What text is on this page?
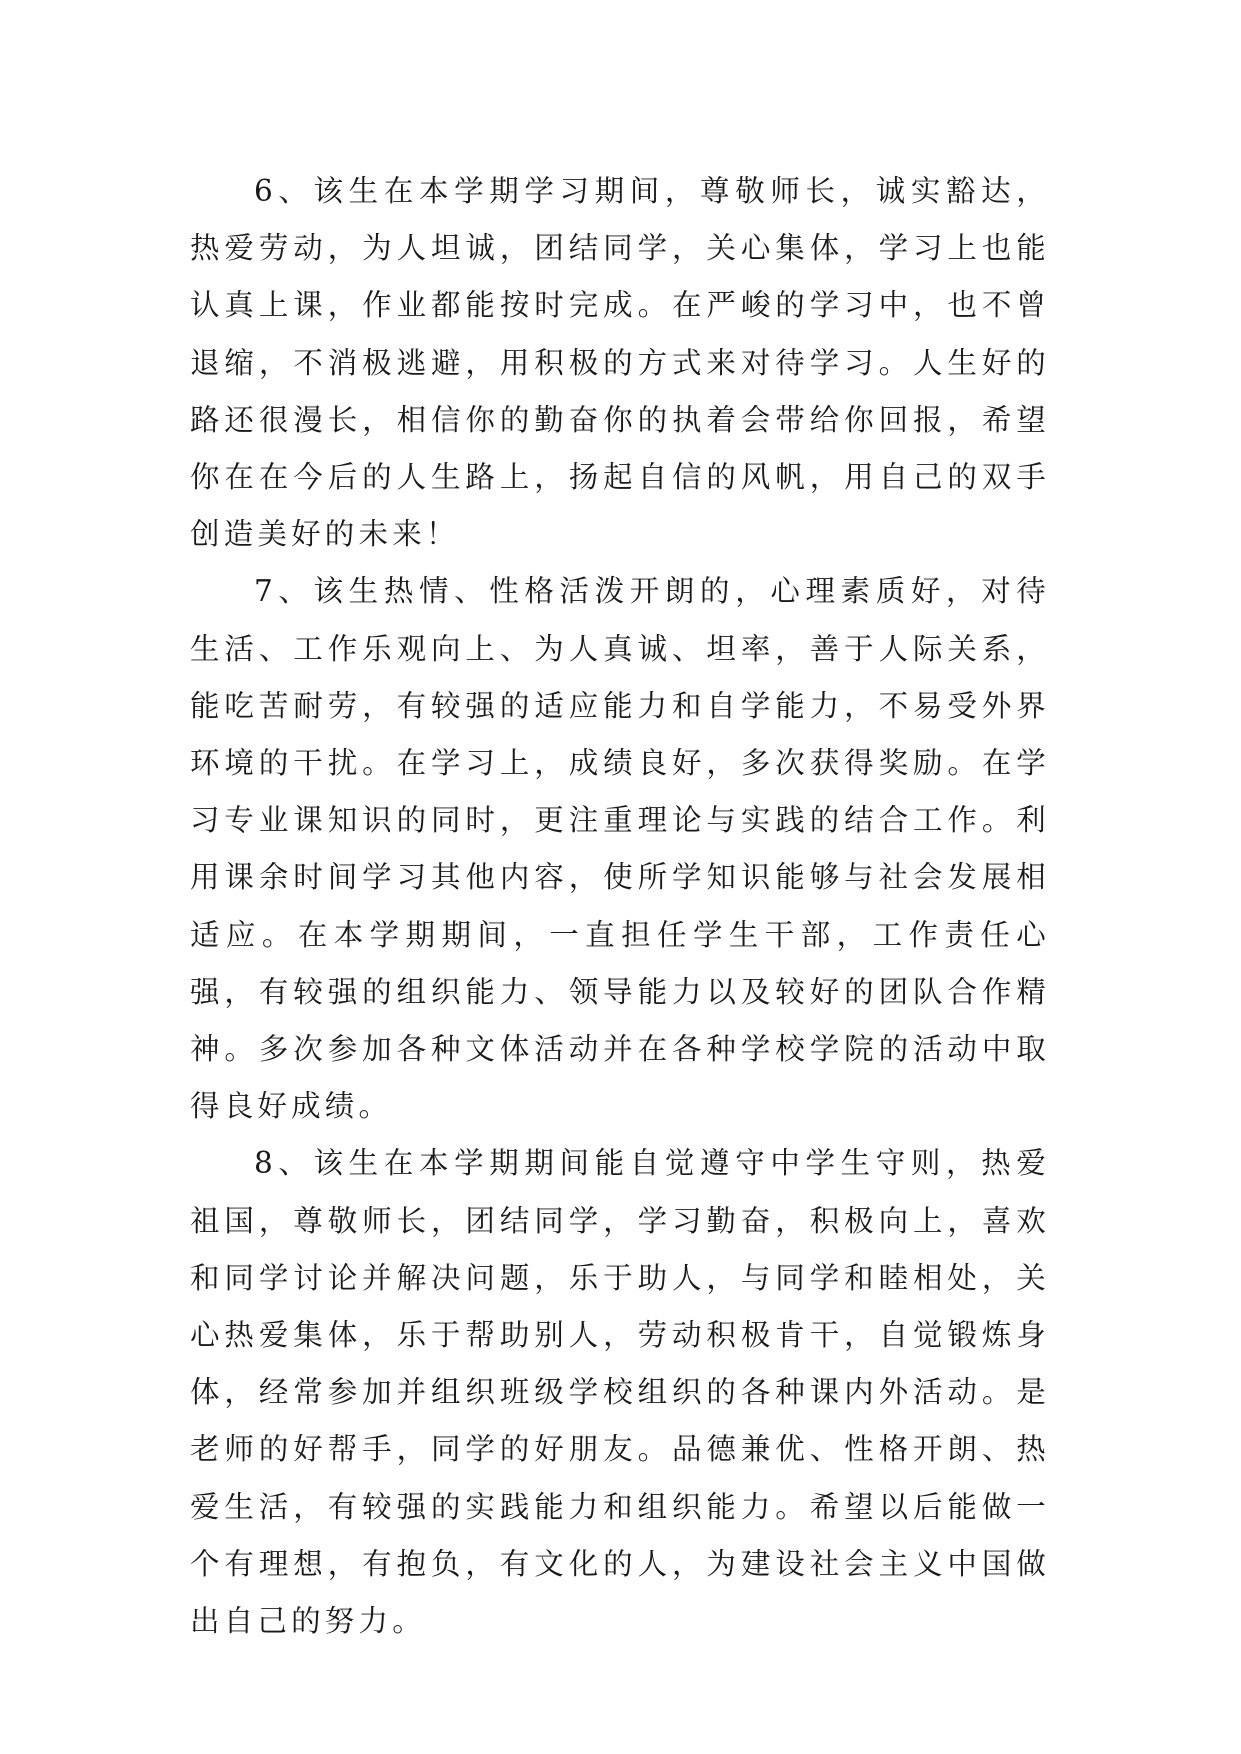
6、该生在本学期学习期间，尊敬师长，诚实豁达，热爱劳动，为人坦诚，团结同学，关心集体，学习上也能认真上课，作业都能按时完成。在严峻的学习中，也不曾退缩，不消极逃避，用积极的方式来对待学习。人生好的路还很漫长，相信你的勤奋你的执着会带给你回报，希望你在在今后的人生路上，扬起自信的风帆，用自己的双手创造美好的未来！

7、该生热情、性格活泼开朗的，心理素质好，对待生活、工作乐观向上、为人真诚、坦率，善于人际关系，能吃苦耐劳，有较强的适应能力和自学能力，不易受外界环境的干扰。在学习上，成绩良好，多次获得奖励。在学习专业课知识的同时，更注重理论与实践的结合工作。利用课余时间学习其他内容，使所学知识能够与社会发展相适应。在本学期期间，一直担任学生干部，工作责任心强，有较强的组织能力、领导能力以及较好的团队合作精神。多次参加各种文体活动并在各种学校学院的活动中取得良好成绩。

8、该生在本学期期间能自觉遵守中学生守则，热爱祖国，尊敬师长，团结同学，学习勤奋，积极向上，喜欢和同学讨论并解决问题，乐于助人，与同学和睦相处，关心热爱集体，乐于帮助别人，劳动积极肯干，自觉锻炼身体，经常参加并组织班级学校组织的各种课内外活动。是老师的好帮手，同学的好朋友。品德兼优、性格开朗、热爱生活，有较强的实践能力和组织能力。希望以后能做一个有理想，有抱负，有文化的人，为建设社会主义中国做出自己的努力。
